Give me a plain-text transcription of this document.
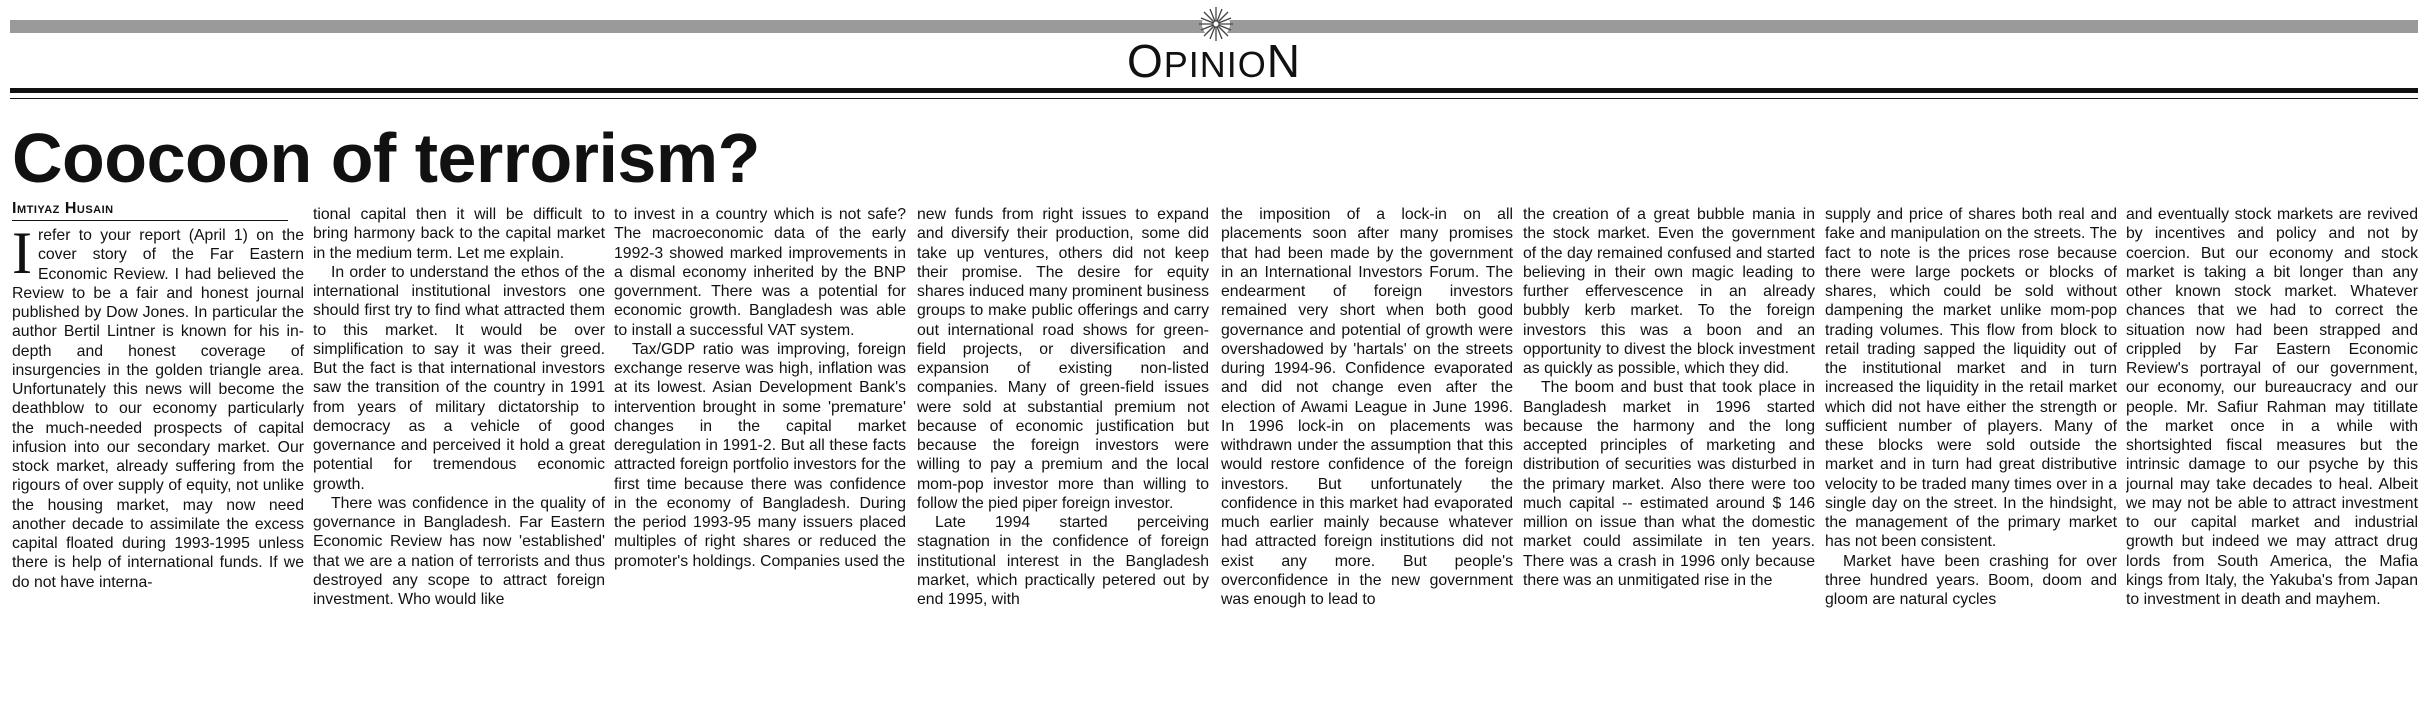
OPINION
Coocoon of terrorism?
Imtiyaz Husain
I refer to your report (April 1) on the cover story of the Far Eastern Economic Review. I had believed the Review to be a fair and honest journal published by Dow Jones. In particular the author Bertil Lintner is known for his in-depth and honest coverage of insurgencies in the golden triangle area. Unfortunately this news will become the deathblow to our economy particularly the much-needed prospects of capital infusion into our secondary market. Our stock market, already suffering from the rigours of over supply of equity, not unlike the housing market, may now need another decade to assimilate the excess capital floated during 1993-1995 unless there is help of international funds. If we do not have interna-

tional capital then it will be difficult to bring harmony back to the capital market in the medium term. Let me explain.

In order to understand the ethos of the international institutional investors one should first try to find what attracted them to this market. It would be over simplification to say it was their greed. But the fact is that international investors saw the transition of the country in 1991 from years of military dictatorship to democracy as a vehicle of good governance and perceived it hold a great potential for tremendous economic growth.

There was confidence in the quality of governance in Bangladesh. Far Eastern Economic Review has now 'established' that we are a nation of terrorists and thus destroyed any scope to attract foreign investment. Who would like

to invest in a country which is not safe? The macroeconomic data of the early 1992-3 showed marked improvements in a dismal economy inherited by the BNP government. There was a potential for economic growth. Bangladesh was able to install a successful VAT system.

Tax/GDP ratio was improving, foreign exchange reserve was high, inflation was at its lowest. Asian Development Bank's intervention brought in some 'premature' changes in the capital market deregulation in 1991-2. But all these facts attracted foreign portfolio investors for the first time because there was confidence in the economy of Bangladesh. During the period 1993-95 many issuers placed multiples of right shares or reduced the promoter's holdings. Companies used the

new funds from right issues to expand and diversify their production, some did take up ventures, others did not keep their promise. The desire for equity shares induced many prominent business groups to make public offerings and carry out international road shows for green-field projects, or diversification and expansion of existing non-listed companies. Many of green-field issues were sold at substantial premium not because of economic justification but because the foreign investors were willing to pay a premium and the local mom-pop investor more than willing to follow the pied piper foreign investor.

Late 1994 started perceiving stagnation in the confidence of foreign institutional interest in the Bangladesh market, which practically petered out by end 1995, with

the imposition of a lock-in on all placements soon after many promises that had been made by the government in an International Investors Forum. The endearment of foreign investors remained very short when both good governance and potential of growth were overshadowed by 'hartals' on the streets during 1994-96. Confidence evaporated and did not change even after the election of Awami League in June 1996. In 1996 lock-in on placements was withdrawn under the assumption that this would restore confidence of the foreign investors. But unfortunately the confidence in this market had evaporated much earlier mainly because whatever had attracted foreign institutions did not exist any more. But people's overconfidence in the new government was enough to lead to

the creation of a great bubble mania in the stock market. Even the government of the day remained confused and started believing in their own magic leading to further effervescence in an already bubbly kerb market. To the foreign investors this was a boon and an opportunity to divest the block investment as quickly as possible, which they did.

The boom and bust that took place in Bangladesh market in 1996 started because the harmony and the long accepted principles of marketing and distribution of securities was disturbed in the primary market. Also there were too much capital -- estimated around $ 146 million on issue than what the domestic market could assimilate in ten years. There was a crash in 1996 only because there was an unmitigated rise in the

supply and price of shares both real and fake and manipulation on the streets. The fact to note is the prices rose because there were large pockets or blocks of shares, which could be sold without dampening the market unlike mom-pop trading volumes. This flow from block to retail trading sapped the liquidity out of the institutional market and in turn increased the liquidity in the retail market which did not have either the strength or sufficient number of players. Many of these blocks were sold outside the market and in turn had great distributive velocity to be traded many times over in a single day on the street. In the hindsight, the management of the primary market has not been consistent.

Market have been crashing for over three hundred years. Boom, doom and gloom are natural cycles

and eventually stock markets are revived by incentives and policy and not by coercion. But our economy and stock market is taking a bit longer than any other known stock market. Whatever chances that we had to correct the situation now had been strapped and crippled by Far Eastern Economic Review's portrayal of our government, our economy, our bureaucracy and our people. Mr. Safiur Rahman may titillate the market once in a while with shortsighted fiscal measures but the intrinsic damage to our psyche by this journal may take decades to heal. Albeit we may not be able to attract investment to our capital market and industrial growth but indeed we may attract drug lords from South America, the Mafia kings from Italy, the Yakuba's from Japan to investment in death and mayhem.
